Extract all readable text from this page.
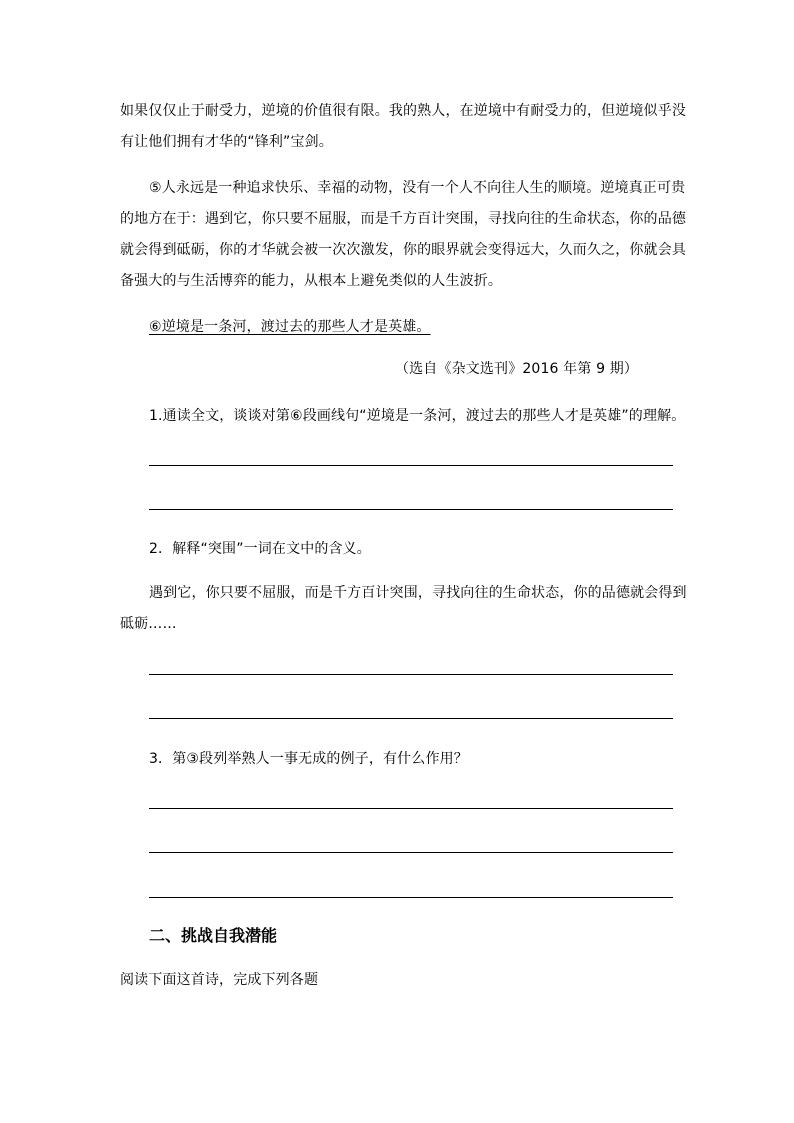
如果仅仅止于耐受力，逆境的价值很有限。我的熟人，在逆境中有耐受力的，但逆境似乎没
有让他们拥有才华的“锋利”宝剑。
⑤人永远是一种追求快乐、幸福的动物，没有一个人不向往人生的顺境。逆境真正可贵
的地方在于：遇到它，你只要不屈服，而是千方百计突围，寻找向往的生命状态，你的品德
就会得到砥砺，你的才华就会被一次次激发，你的眼界就会变得远大，久而久之，你就会具
备强大的与生活博弈的能力，从根本上避免类似的人生波折。
⑥逆境是一条河，渡过去的那些人才是英雄。
（选自《杂文选刊》2016 年第 9 期）
1.通读全文，谈谈对第⑥段画线句“逆境是一条河，渡过去的那些人才是英雄”的理解。
2．解释“突围”一词在文中的含义。
遇到它，你只要不屈服，而是千方百计突围，寻找向往的生命状态，你的品德就会得到
砥砺……
3．第③段列举熟人一事无成的例子，有什么作用？
二、挑战自我潜能
阅读下面这首诗，完成下列各题
